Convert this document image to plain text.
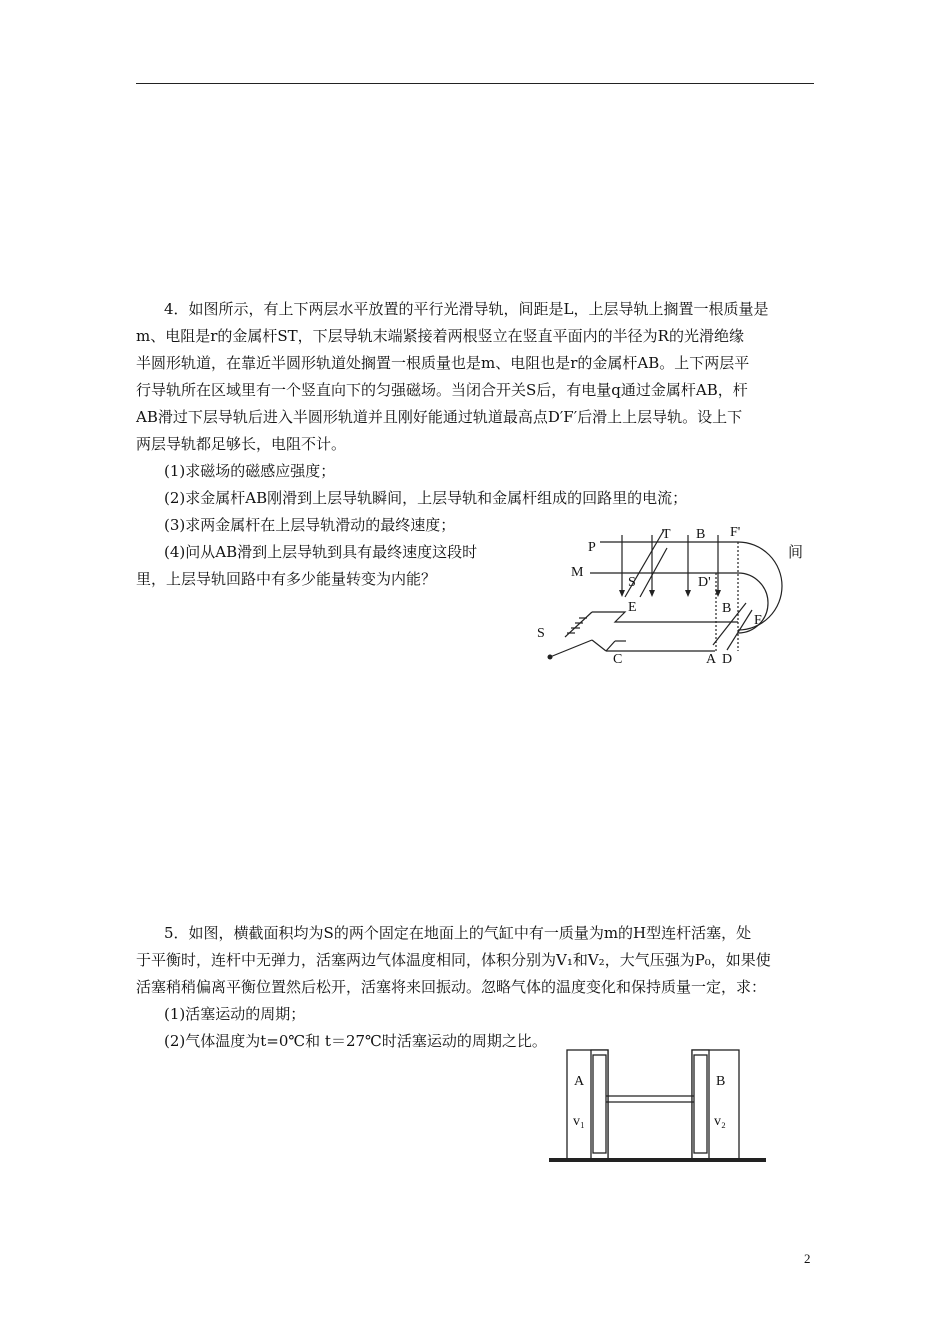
4．如图所示，有上下两层水平放置的平行光滑导轨，间距是L，上层导轨上搁置一根质量是
m、电阻是r的金属杆ST，下层导轨末端紧接着两根竖立在竖直平面内的半径为R的光滑绝缘
半圆形轨道，在靠近半圆形轨道处搁置一根质量也是m、电阻也是r的金属杆AB。上下两层平
行导轨所在区域里有一个竖直向下的匀强磁场。当闭合开关S后，有电量q通过金属杆AB，杆
AB滑过下层导轨后进入半圆形轨道并且刚好能通过轨道最高点D′F′后滑上上层导轨。设上下
两层导轨都足够长，电阻不计。
(1)求磁场的磁感应强度；
(2)求金属杆AB刚滑到上层导轨瞬间，上层导轨和金属杆组成的回路里的电流；
(3)求两金属杆在上层导轨滑动的最终速度；
(4)问从AB滑到上层导轨到具有最终速度这段时	间
里，上层导轨回路中有多少能量转变为内能？
P
M
T B F'
S	D'
E	B
F
S
C	A D
5．如图，横截面积均为S的两个固定在地面上的气缸中有一质量为m的H型连杆活塞，处
于平衡时，连杆中无弹力，活塞两边气体温度相同，体积分别为V₁和V₂，大气压强为P₀，如果使
活塞稍稍偏离平衡位置然后松开，活塞将来回振动。忽略气体的温度变化和保持质量一定，求：
(1)活塞运动的周期；
(2)气体温度为t=0℃和 t＝27℃时活塞运动的周期之比。
A	B
v₁	v₂
2
